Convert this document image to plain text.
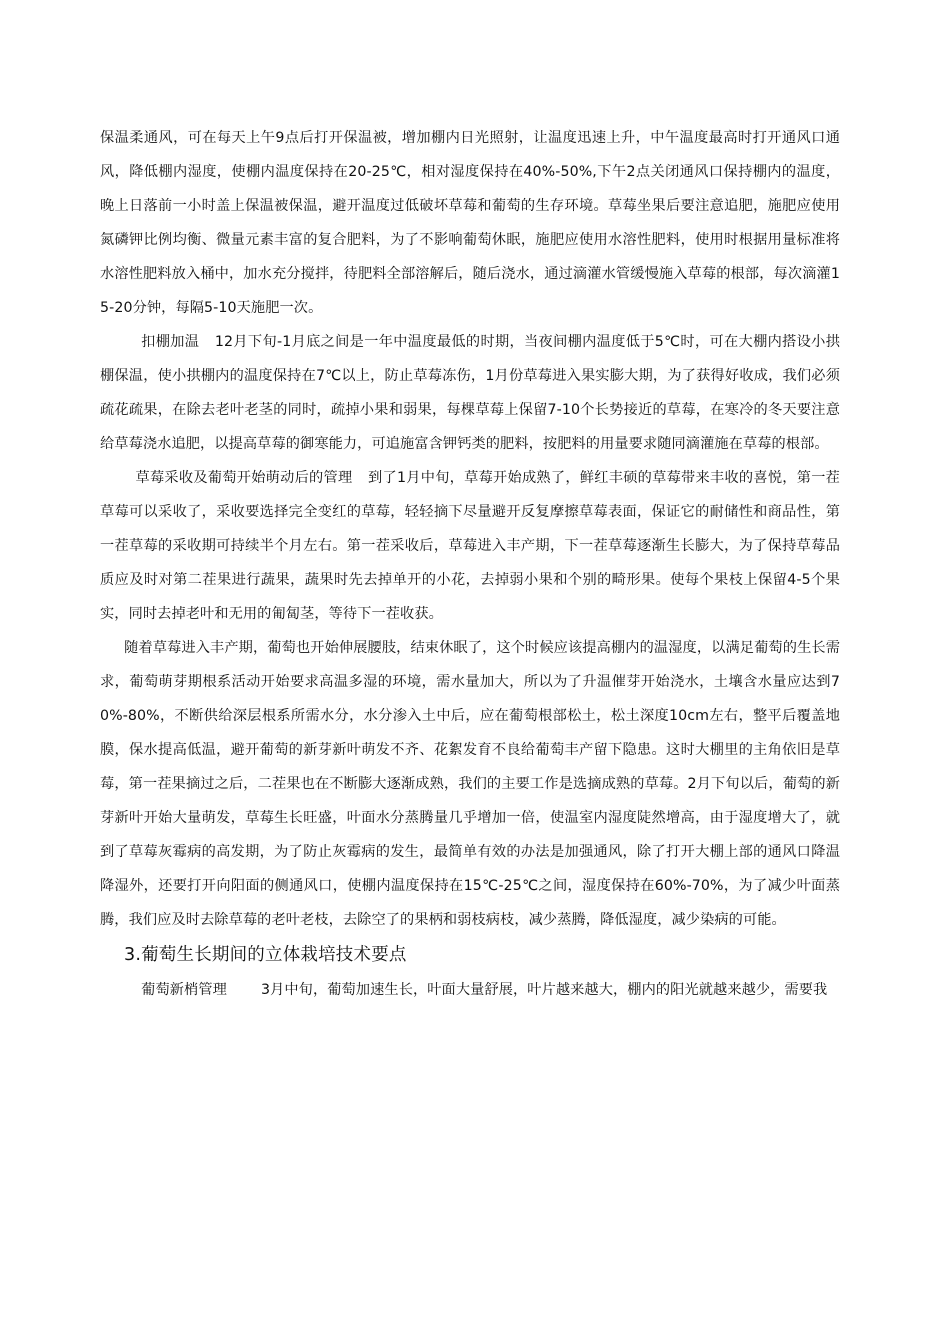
保温柔通风，可在每天上午9点后打开保温被，增加棚内日光照射，让温度迅速上升，中午温度最高时打开通风口通风，降低棚内湿度，使棚内温度保持在20-25℃，相对湿度保持在40%-50%,下午2点关闭通风口保持棚内的温度，晚上日落前一小时盖上保温被保温，避开温度过低破坏草莓和葡萄的生存环境。草莓坐果后要注意追肥，施肥应使用氮磷钾比例均衡、微量元素丰富的复合肥料，为了不影响葡萄休眠，施肥应使用水溶性肥料，使用时根据用量标准将水溶性肥料放入桶中，加水充分搅拌，待肥料全部溶解后，随后浇水，通过滴灌水管缓慢施入草莓的根部，每次滴灌15-20分钟，每隔5-10天施肥一次。

扣棚加温 12月下旬-1月底之间是一年中温度最低的时期，当夜间棚内温度低于5℃时，可在大棚内搭设小拱棚保温，使小拱棚内的温度保持在7℃以上，防止草莓冻伤，1月份草莓进入果实膨大期，为了获得好收成，我们必须疏花疏果，在除去老叶老茎的同时，疏掉小果和弱果，每棵草莓上保留7-10个长势接近的草莓，在寒冷的冬天要注意给草莓浇水追肥，以提高草莓的御寒能力，可追施富含钾钙类的肥料，按肥料的用量要求随同滴灌施在草莓的根部。

草莓采收及葡萄开始萌动后的管理 到了1月中旬，草莓开始成熟了，鲜红丰硕的草莓带来丰收的喜悦，第一茬草莓可以采收了，采收要选择完全变红的草莓，轻轻摘下尽量避开反复摩擦草莓表面，保证它的耐储性和商品性，第一茬草莓的采收期可持续半个月左右。第一茬采收后，草莓进入丰产期，下一茬草莓逐渐生长膨大，为了保持草莓品质应及时对第二茬果进行蔬果，蔬果时先去掉单开的小花，去掉弱小果和个别的畸形果。使每个果枝上保留4-5个果实，同时去掉老叶和无用的匍匐茎，等待下一茬收获。

随着草莓进入丰产期，葡萄也开始伸展腰肢，结束休眠了，这个时候应该提高棚内的温湿度，以满足葡萄的生长需求，葡萄萌芽期根系活动开始要求高温多湿的环境，需水量加大，所以为了升温催芽开始浇水，土壤含水量应达到70%-80%，不断供给深层根系所需水分，水分渗入土中后，应在葡萄根部松土，松土深度10cm左右，整平后覆盖地膜，保水提高低温，避开葡萄的新芽新叶萌发不齐、花絮发育不良给葡萄丰产留下隐患。这时大棚里的主角依旧是草莓，第一茬果摘过之后，二茬果也在不断膨大逐渐成熟，我们的主要工作是选摘成熟的草莓。2月下旬以后，葡萄的新芽新叶开始大量萌发，草莓生长旺盛，叶面水分蒸腾量几乎增加一倍，使温室内湿度陡然增高，由于湿度增大了，就到了草莓灰霉病的高发期，为了防止灰霉病的发生，最简单有效的办法是加强通风，除了打开大棚上部的通风口降温降湿外，还要打开向阳面的侧通风口，使棚内温度保持在15℃-25℃之间，湿度保持在60%-70%，为了减少叶面蒸腾，我们应及时去除草莓的老叶老枝，去除空了的果柄和弱枝病枝，减少蒸腾，降低湿度，减少染病的可能。

3.葡萄生长期间的立体栽培技术要点

葡萄新梢管理 3月中旬，葡萄加速生长，叶面大量舒展，叶片越来越大，棚内的阳光就越来越少，需要我
